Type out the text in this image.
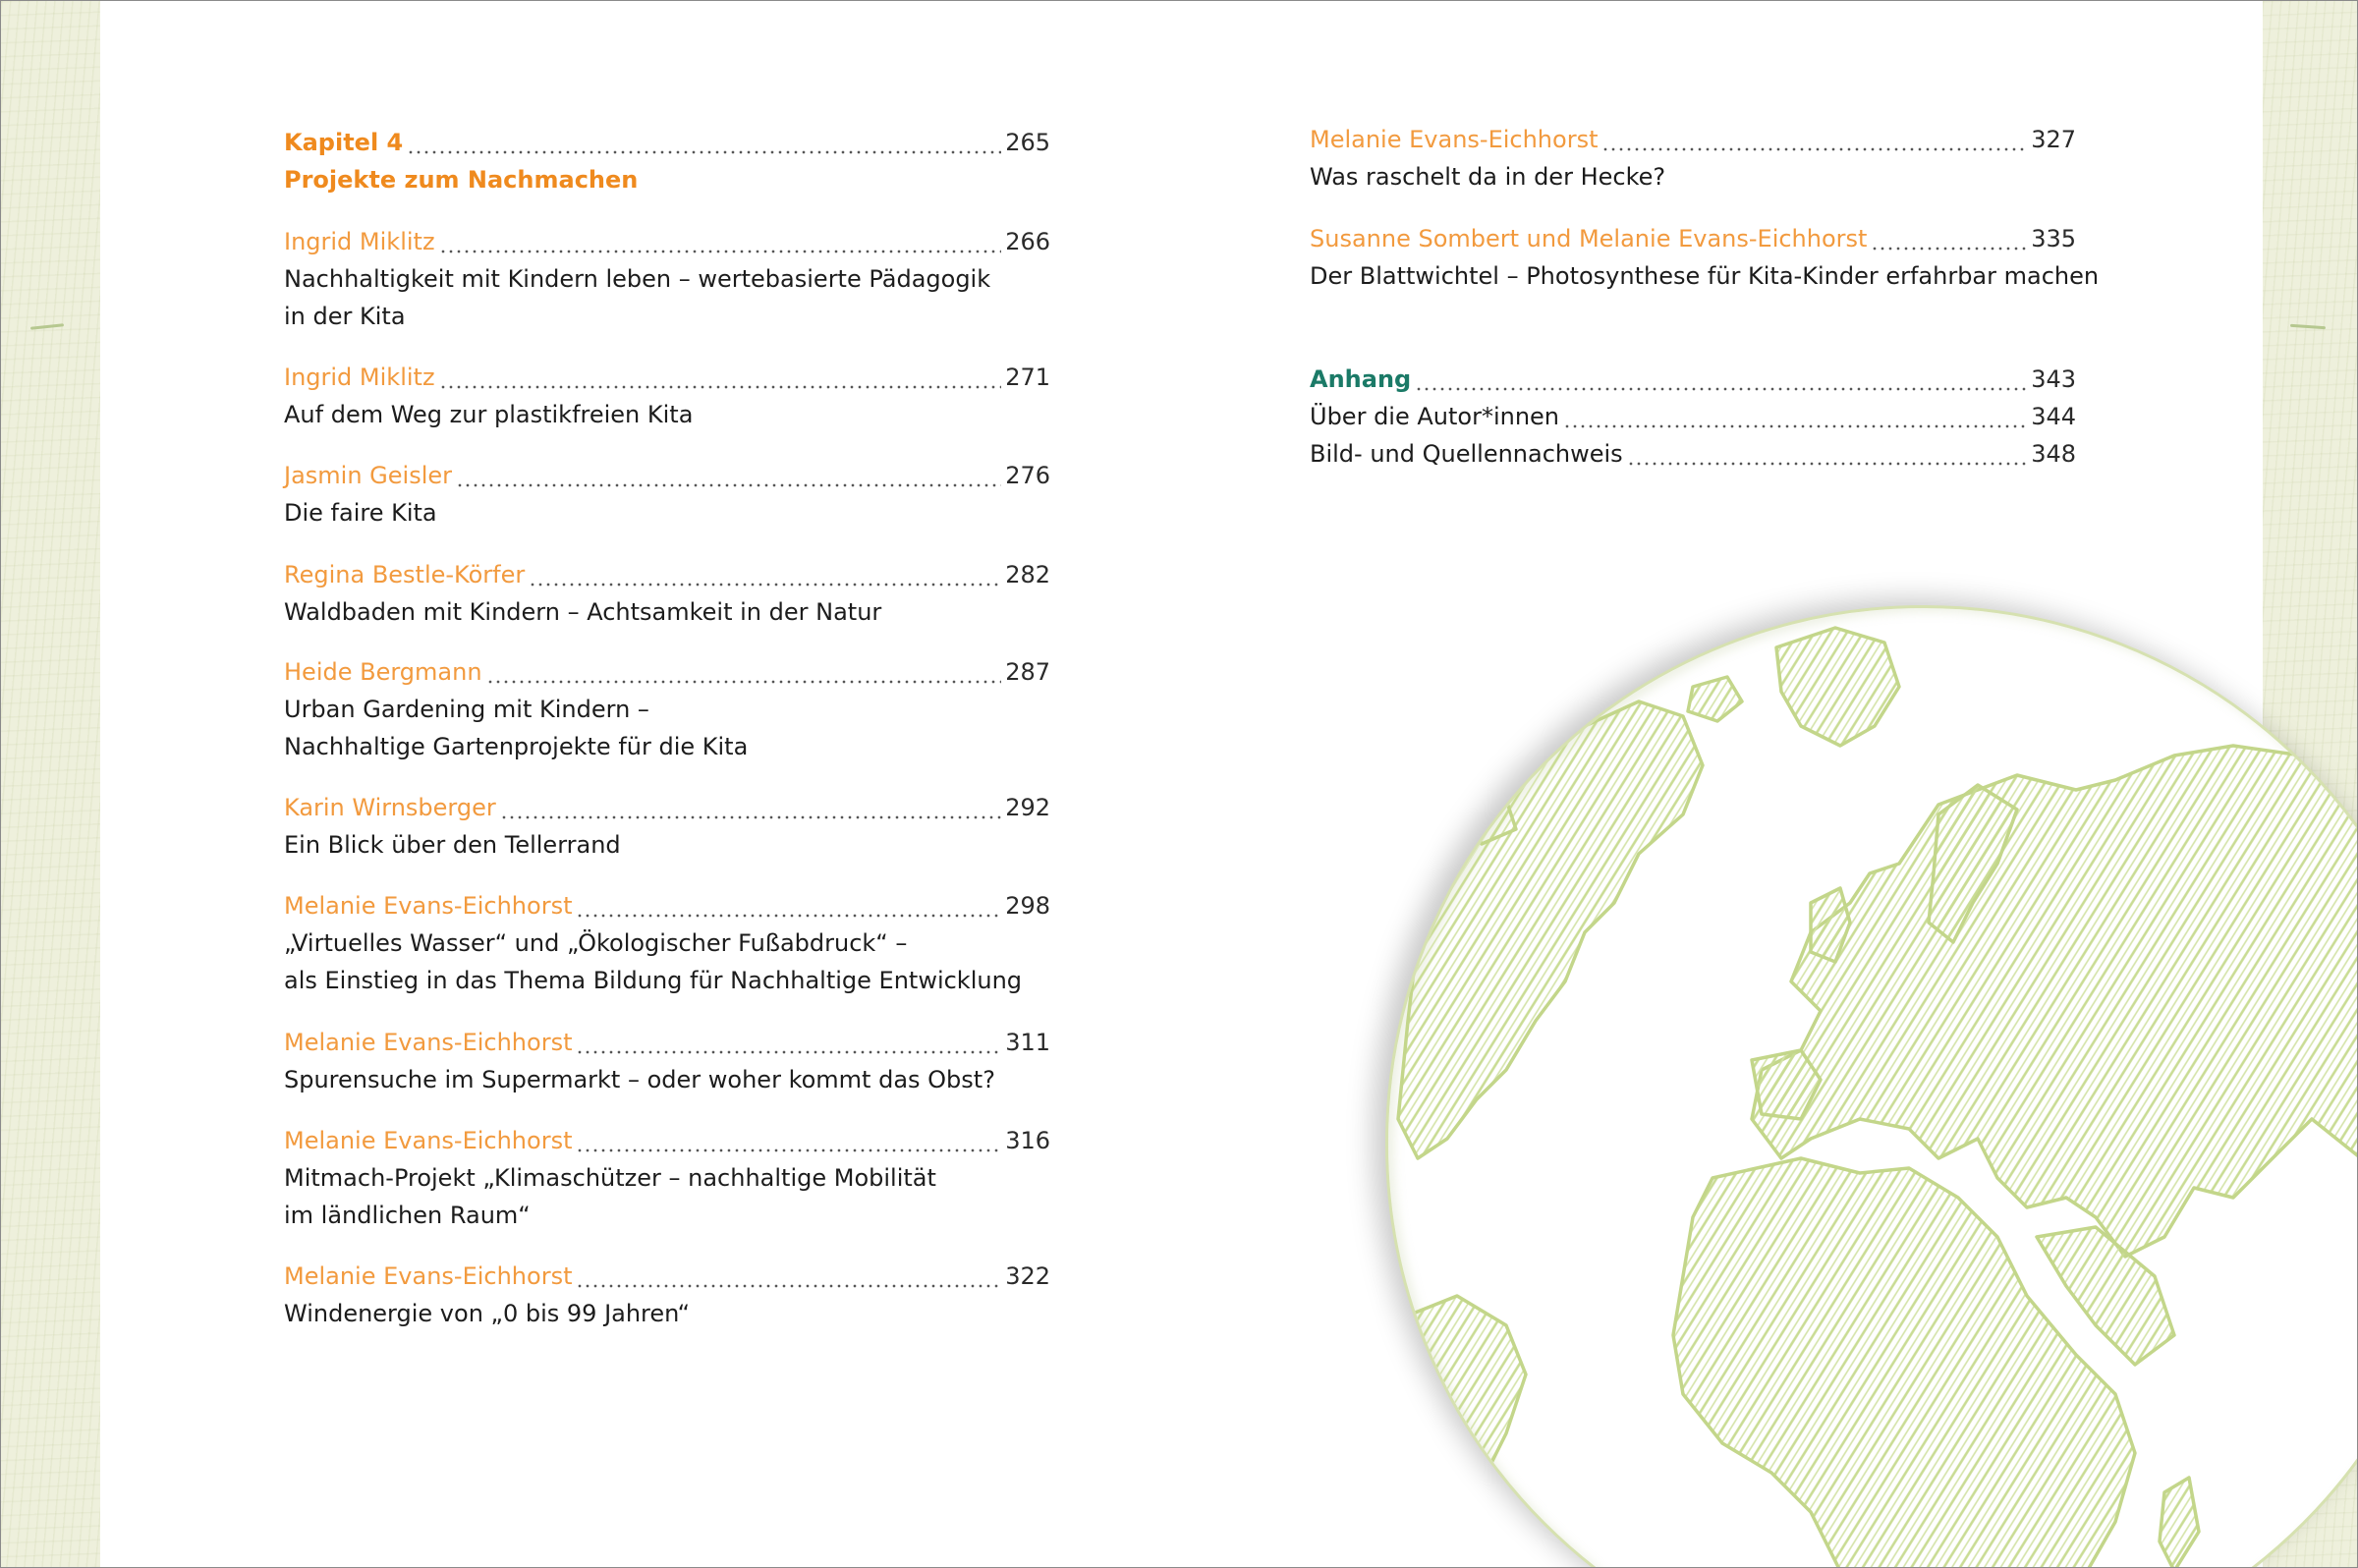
Kapitel 4	265
Projekte zum Nachmachen
Ingrid Miklitz	266
Nachhaltigkeit mit Kindern leben – wertebasierte Pädagogik
in der Kita
Ingrid Miklitz	271
Auf dem Weg zur plastikfreien Kita
Jasmin Geisler	276
Die faire Kita
Regina Bestle-Körfer	282
Waldbaden mit Kindern – Achtsamkeit in der Natur
Heide Bergmann	287
Urban Gardening mit Kindern –
Nachhaltige Gartenprojekte für die Kita
Karin Wirnsberger	292
Ein Blick über den Tellerrand
Melanie Evans-Eichhorst	298
„Virtuelles Wasser“ und „Ökologischer Fußabdruck“ –
als Einstieg in das Thema Bildung für Nachhaltige Entwicklung
Melanie Evans-Eichhorst	311
Spurensuche im Supermarkt – oder woher kommt das Obst?
Melanie Evans-Eichhorst	316
Mitmach-Projekt „Klimaschützer – nachhaltige Mobilität
im ländlichen Raum“
Melanie Evans-Eichhorst	322
Windenergie von „0 bis 99 Jahren“
Melanie Evans-Eichhorst	327
Was raschelt da in der Hecke?
Susanne Sombert und Melanie Evans-Eichhorst	335
Der Blattwichtel – Photosynthese für Kita-Kinder erfahrbar machen
Anhang	343
Über die Autor*innen	344
Bild- und Quellennachweis	348
